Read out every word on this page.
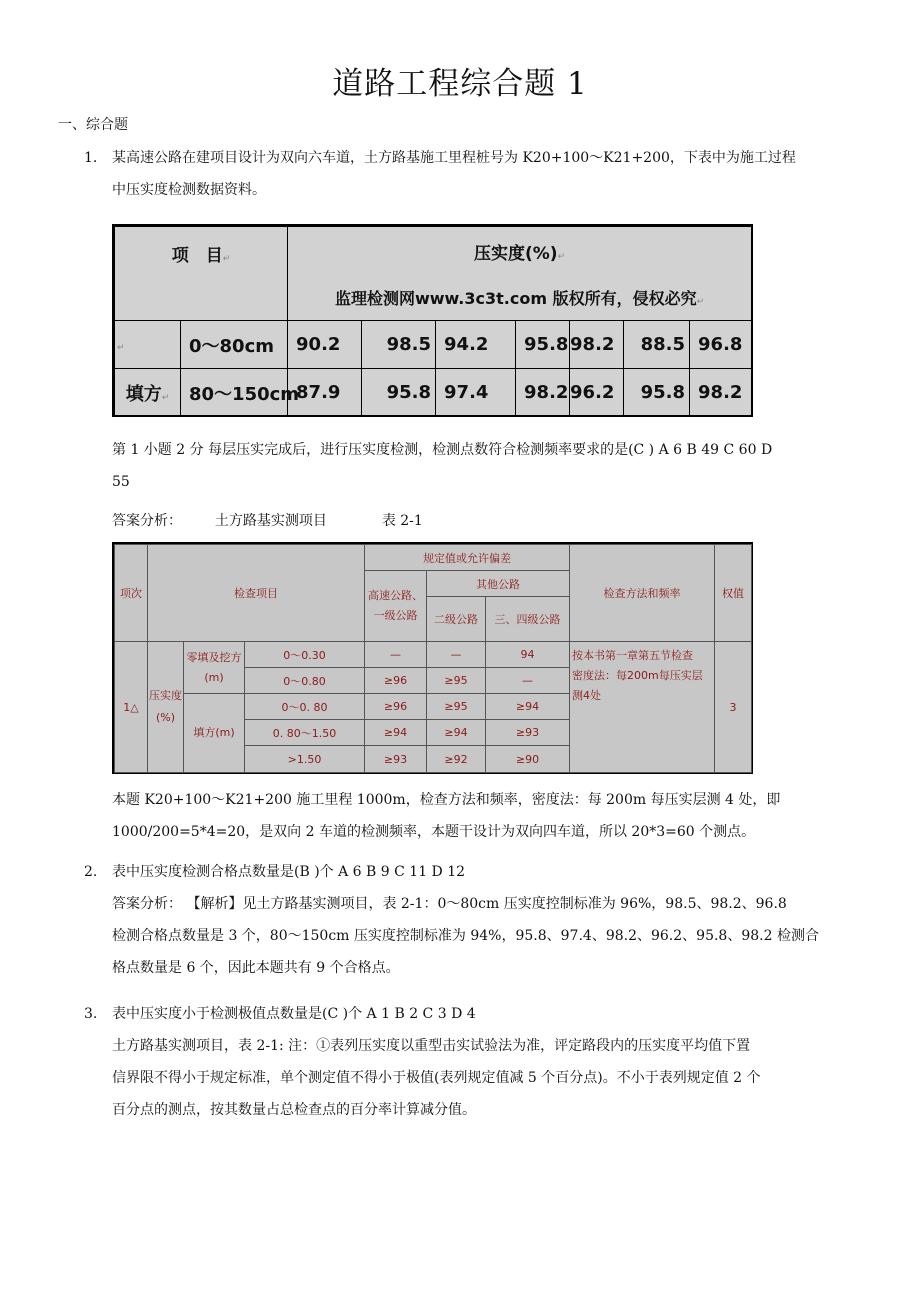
道路工程综合题 1
一、综合题
1. 某高速公路在建项目设计为双向六车道，土方路基施工里程桩号为 K20+100～K21+200，下表中为施工过程
中压实度检测数据资料。
项　目↵		压实度(%)↵
监理检测网www.3c3t.com 版权所有，侵权必究↵						

↵	0～80cm	90.2	98.5	94.2	95.8	98.2	88.5	96.8
填方↵	80～150cm	87.9	95.8	97.4	98.2	96.2	95.8	98.2
第 1 小题 2 分 每层压实完成后，进行压实度检测，检测点数符合检测频率要求的是(C ) A 6 B 49 C 60 D
55
答案分析： 土方路基实测项目	表 2-1
项次	检查项目			规定值或允许偏差			检查方法和频率	权值
				高速公路、一级公路	其他公路			
					二级公路	三、四级公路		
1△	压实度(%)	零填及挖方(m)	0～0.30	—	—	94	按本书第一章第五节检查
密度法：每200m每压实层测4处	3
			0～0.80	≥96	≥95	—		
		填方(m)	0～0. 80	≥96	≥95	≥94		
			0. 80～1.50	≥94	≥94	≥93		
			>1.50	≥93	≥92	≥90		
本题 K20+100～K21+200 施工里程 1000m，检查方法和频率，密度法：每 200m 每压实层测 4 处，即
1000/200=5*4=20，是双向 2 车道的检测频率，本题干设计为双向四车道，所以 20*3=60 个测点。
2. 表中压实度检测合格点数量是(B )个 A 6 B 9 C 11 D 12
答案分析： 【解析】见土方路基实测项目，表 2-1：0～80cm 压实度控制标准为 96%，98.5、98.2、96.8
检测合格点数量是 3 个，80～150cm 压实度控制标准为 94%，95.8、97.4、98.2、96.2、95.8、98.2 检测合
格点数量是 6 个，因此本题共有 9 个合格点。
3. 表中压实度小于检测极值点数量是(C )个 A 1 B 2 C 3 D 4
土方路基实测项目，表 2-1: 注：①表列压实度以重型击实试验法为准，评定路段内的压实度平均值下置
信界限不得小于规定标准，单个测定值不得小于极值(表列规定值减 5 个百分点)。不小于表列规定值 2 个
百分点的测点，按其数量占总检查点的百分率计算减分值。
